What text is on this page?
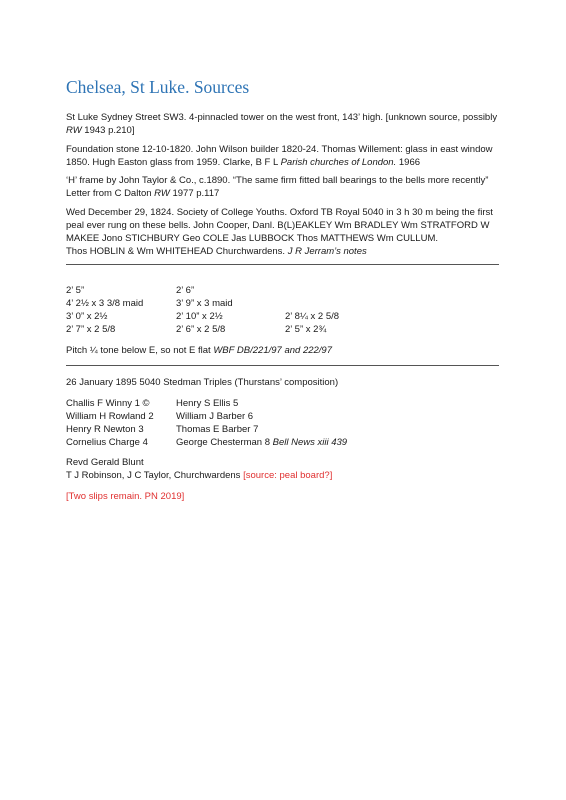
Chelsea, St Luke. Sources

St Luke Sydney Street SW3. 4-pinnacled tower on the west front, 143’ high. [unknown source, possibly RW 1943 p.210]

Foundation stone 12-10-1820. John Wilson builder 1820-24. Thomas Willement: glass in east window 1850. Hugh Easton glass from 1959. Clarke, B F L Parish churches of London. 1966

‘H’ frame by John Taylor & Co., c.1890. “The same firm fitted ball bearings to the bells more recently”
Letter from C Dalton RW 1977 p.117

Wed December 29, 1824. Society of College Youths. Oxford TB Royal 5040 in 3 h 30 m being the first peal ever rung on these bells. John Cooper, Danl. B(L)EAKLEY Wm BRADLEY Wm STRATFORD W MAKEE Jono STICHBURY Geo COLE Jas LUBBOCK Thos MATTHEWS Wm CULLUM.
Thos HOBLIN & Wm WHITEHEAD Churchwardens. J R Jerram’s notes

2’ 5”	2’ 6”
4’ 2½ x 3 3/8 maid	3’ 9” x 3 maid
3’ 0” x 2½	2’ 10” x 2½	2’ 8¼ x 2 5/8
2’ 7” x 2 5/8	2’ 6” x 2 5/8	2’ 5” x 2¾

Pitch ¼ tone below E, so not E flat WBF DB/221/97 and 222/97

26 January 1895 5040 Stedman Triples (Thurstans’ composition)

Challis F Winny 1 ©	Henry S Ellis 5
William H Rowland 2 William J Barber 6
Henry R Newton 3	Thomas E Barber 7
Cornelius Charge 4	George Chesterman 8 Bell News xiii 439

Revd Gerald Blunt

T J Robinson, J C Taylor, Churchwardens [source: peal board?]

[Two slips remain. PN 2019]
